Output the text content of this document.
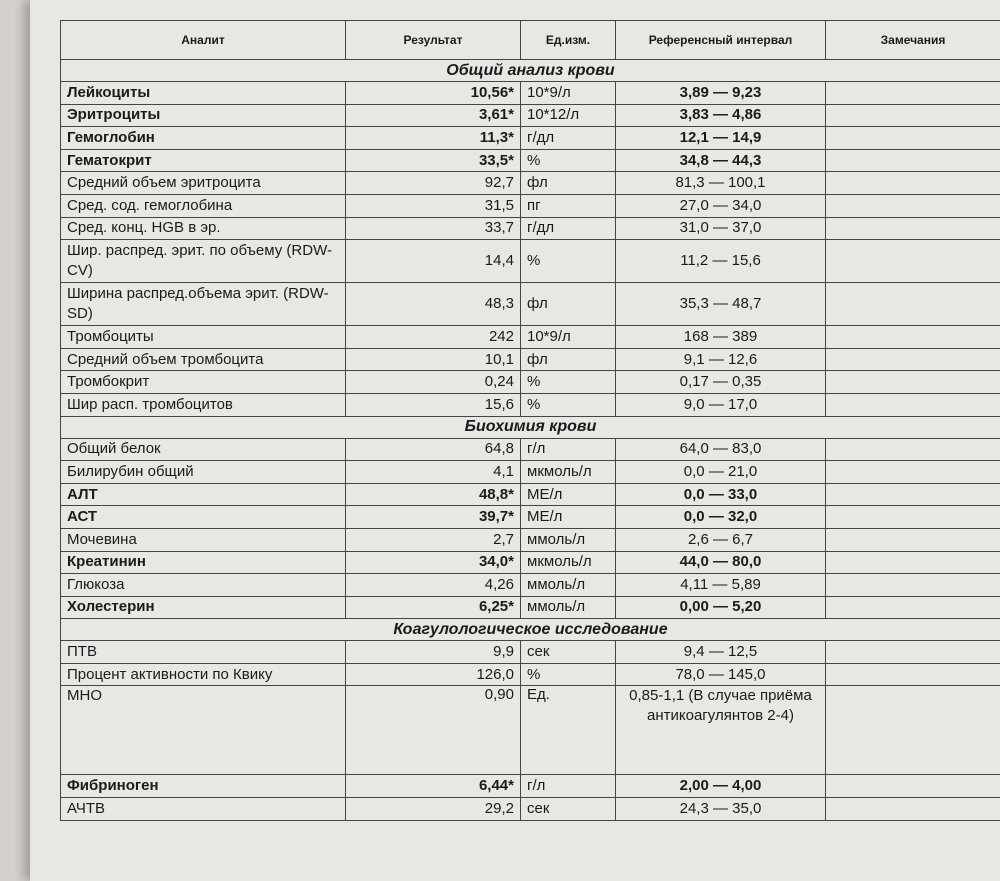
Аналит	Результат	Ед.изм.	Референсный интервал	Замечания
Общий анализ крови				
Лейкоциты	10,56*	10*9/л	3,89 — 9,23	
Эритроциты	3,61*	10*12/л	3,83 — 4,86	
Гемоглобин	11,3*	г/дл	12,1 — 14,9	
Гематокрит	33,5*	%	34,8 — 44,3	
Средний объем эритроцита	92,7	фл	81,3 — 100,1	
Сред. сод. гемоглобина	31,5	пг	27,0 — 34,0	
Сред. конц. HGB в эр.	33,7	г/дл	31,0 — 37,0	
Шир. распред. эрит. по объему (RDW-CV)	14,4	%	11,2 — 15,6	
Ширина распред.объема эрит. (RDW-SD)	48,3	фл	35,3 — 48,7	
Тромбоциты	242	10*9/л	168 — 389	
Средний объем тромбоцита	10,1	фл	9,1 — 12,6	
Тромбокрит	0,24	%	0,17 — 0,35	
Шир расп. тромбоцитов	15,6	%	9,0 — 17,0	
Биохимия крови				
Общий белок	64,8	г/л	64,0 — 83,0	
Билирубин общий	4,1	мкмоль/л	0,0 — 21,0	
АЛТ	48,8*	МЕ/л	0,0 — 33,0	
АСТ	39,7*	МЕ/л	0,0 — 32,0	
Мочевина	2,7	ммоль/л	2,6 — 6,7	
Креатинин	34,0*	мкмоль/л	44,0 — 80,0	
Глюкоза	4,26	ммоль/л	4,11 — 5,89	
Холестерин	6,25*	ммоль/л	0,00 — 5,20	
Коагулологическое исследование				
ПТВ	9,9	сек	9,4 — 12,5	
Процент активности по Квику	126,0	%	78,0 — 145,0	
МНО	0,90	Ед.	0,85-1,1 (В случае приёма антикоагулянтов 2-4)	
Фибриноген	6,44*	г/л	2,00 — 4,00	
АЧТВ	29,2	сек	24,3 — 35,0	
